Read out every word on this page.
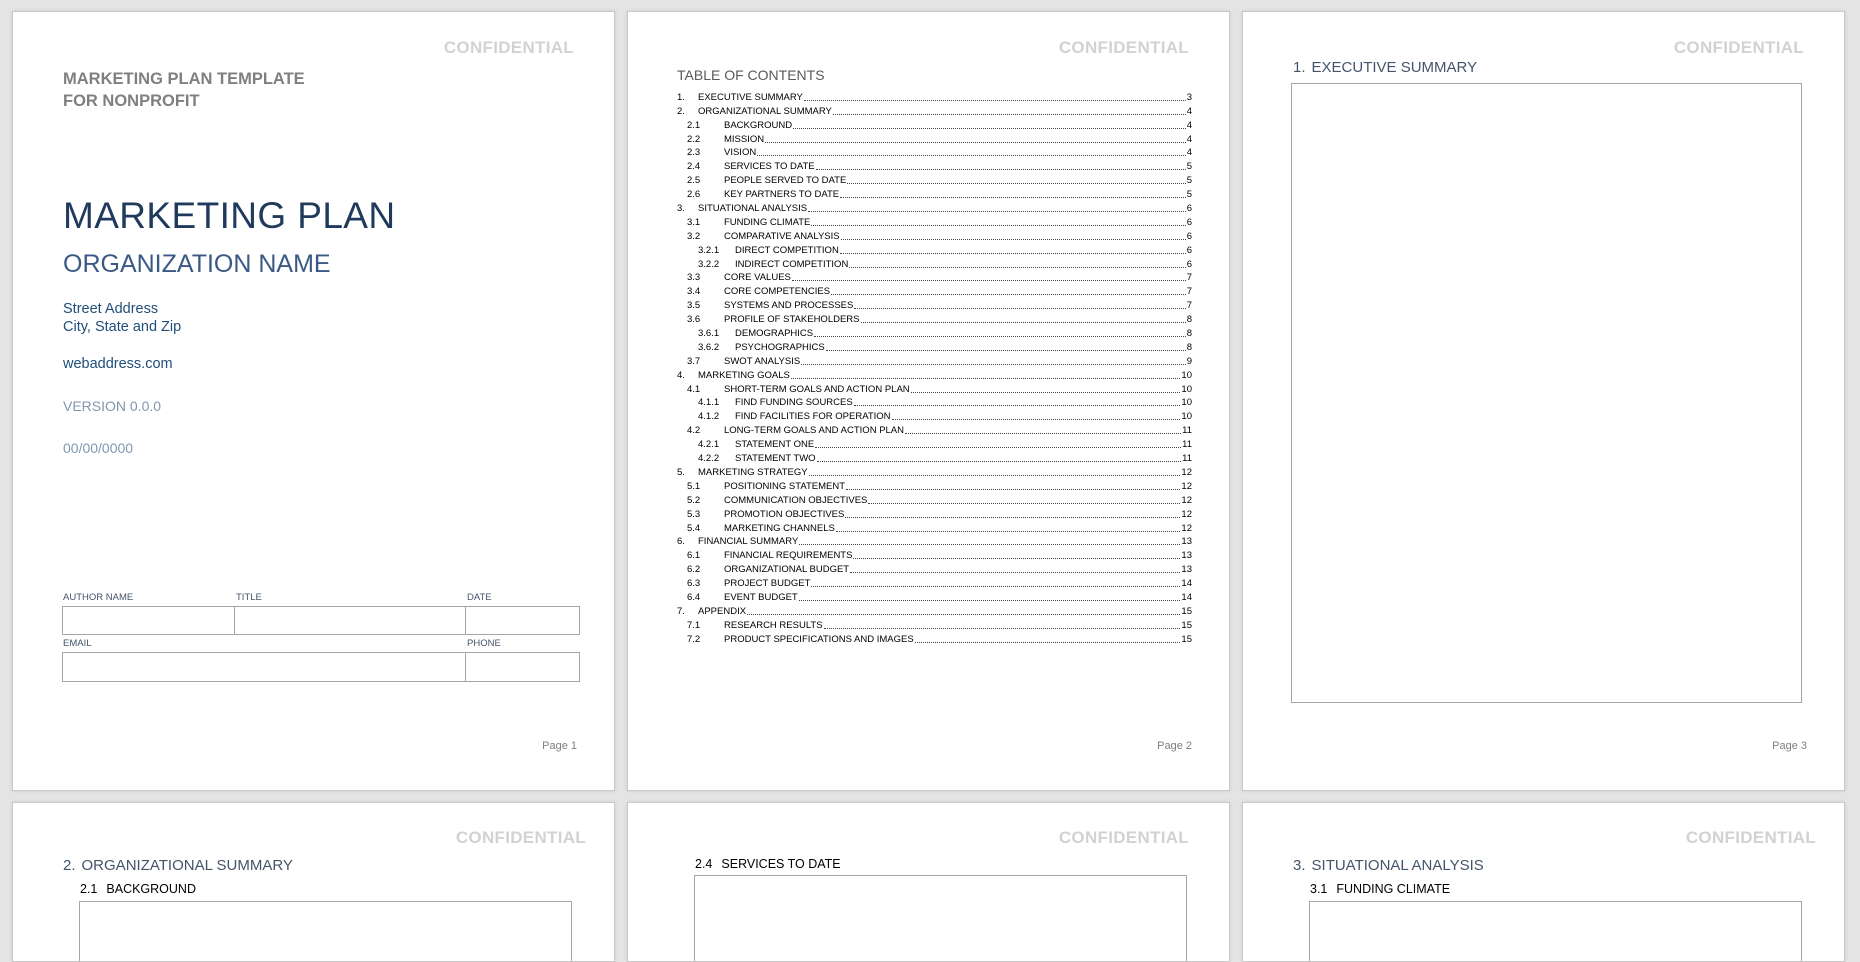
CONFIDENTIAL
MARKETING PLAN TEMPLATE
FOR NONPROFIT
MARKETING PLAN
ORGANIZATION NAME
Street Address
City, State and Zip
webaddress.com
VERSION 0.0.0
00/00/0000
AUTHOR NAME	TITLE	DATE
EMAIL	PHONE
Page 1
CONFIDENTIAL
TABLE OF CONTENTS
1.	EXECUTIVE SUMMARY	3
2.	ORGANIZATIONAL SUMMARY	4
2.1	BACKGROUND	4
2.2	MISSION	4
2.3	VISION	4
2.4	SERVICES TO DATE	5
2.5	PEOPLE SERVED TO DATE	5
2.6	KEY PARTNERS TO DATE	5
3.	SITUATIONAL ANALYSIS	6
3.1	FUNDING CLIMATE	6
3.2	COMPARATIVE ANALYSIS	6
3.2.1	DIRECT COMPETITION	6
3.2.2	INDIRECT COMPETITION	6
3.3	CORE VALUES	7
3.4	CORE COMPETENCIES	7
3.5	SYSTEMS AND PROCESSES	7
3.6	PROFILE OF STAKEHOLDERS	8
3.6.1	DEMOGRAPHICS	8
3.6.2	PSYCHOGRAPHICS	8
3.7	SWOT ANALYSIS	9
4.	MARKETING GOALS	10
4.1	SHORT-TERM GOALS AND ACTION PLAN	10
4.1.1	FIND FUNDING SOURCES	10
4.1.2	FIND FACILITIES FOR OPERATION	10
4.2	LONG-TERM GOALS AND ACTION PLAN	11
4.2.1	STATEMENT ONE	11
4.2.2	STATEMENT TWO	11
5.	MARKETING STRATEGY	12
5.1	POSITIONING STATEMENT	12
5.2	COMMUNICATION OBJECTIVES	12
5.3	PROMOTION OBJECTIVES	12
5.4	MARKETING CHANNELS	12
6.	FINANCIAL SUMMARY	13
6.1	FINANCIAL REQUIREMENTS	13
6.2	ORGANIZATIONAL BUDGET	13
6.3	PROJECT BUDGET	14
6.4	EVENT BUDGET	14
7.	APPENDIX	15
7.1	RESEARCH RESULTS	15
7.2	PRODUCT SPECIFICATIONS AND IMAGES	15
Page 2
CONFIDENTIAL
1. EXECUTIVE SUMMARY
Page 3
CONFIDENTIAL
2. ORGANIZATIONAL SUMMARY
2.1 BACKGROUND
CONFIDENTIAL
2.4 SERVICES TO DATE
CONFIDENTIAL
3. SITUATIONAL ANALYSIS
3.1 FUNDING CLIMATE
